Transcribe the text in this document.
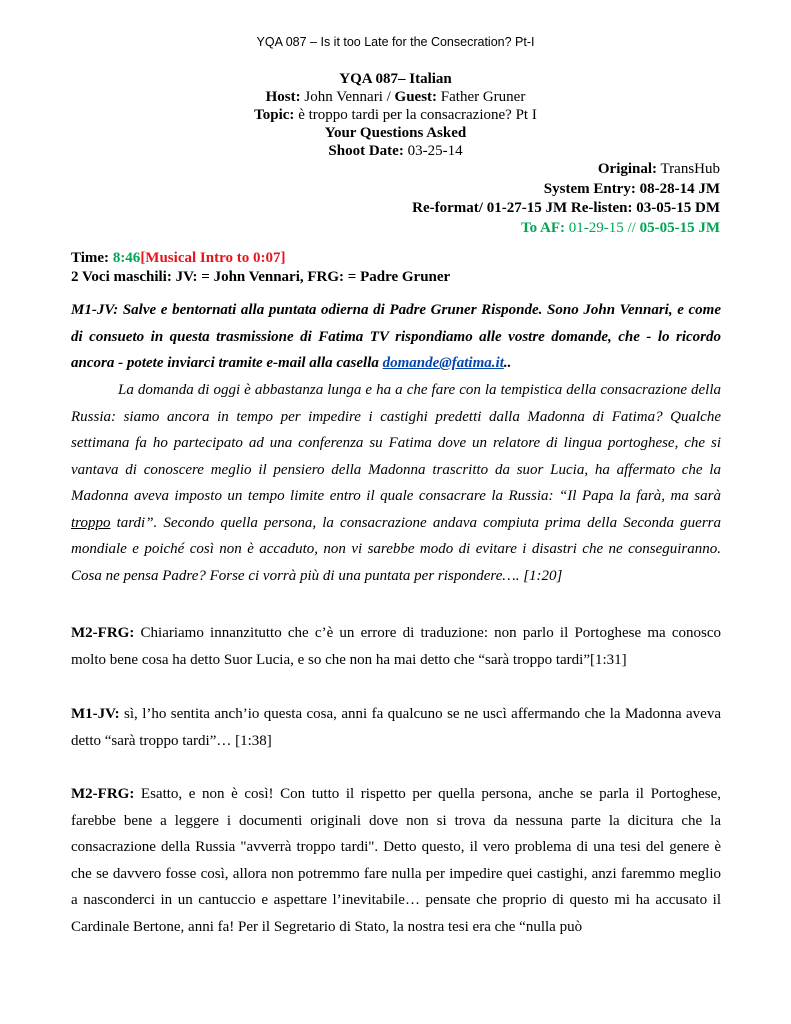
YQA 087 – Is it too Late for the Consecration? Pt-I
YQA 087– Italian
Host: John Vennari / Guest: Father Gruner
Topic: è troppo tardi per la consacrazione? Pt I
Your Questions Asked
Shoot Date: 03-25-14
Original: TransHub
System Entry: 08-28-14 JM
Re-format/ 01-27-15 JM Re-listen: 03-05-15 DM
To AF: 01-29-15 // 05-05-15 JM
Time: 8:46[Musical Intro to 0:07]
2 Voci maschili: JV: = John Vennari, FRG: = Padre Gruner

M1-JV: Salve e bentornati alla puntata odierna di Padre Gruner Risponde. Sono John Vennari, e come di consueto in questa trasmissione di Fatima TV rispondiamo alle vostre domande, che - lo ricordo ancora - potete inviarci tramite e-mail alla casella domande@fatima.it..

La domanda di oggi è abbastanza lunga e ha a che fare con la tempistica della consacrazione della Russia: siamo ancora in tempo per impedire i castighi predetti dalla Madonna di Fatima? Qualche settimana fa ho partecipato ad una conferenza su Fatima dove un relatore di lingua portoghese, che si vantava di conoscere meglio il pensiero della Madonna trascritto da suor Lucia, ha affermato che la Madonna aveva imposto un tempo limite entro il quale consacrare la Russia: “Il Papa la farà, ma sarà troppo tardi”. Secondo quella persona, la consacrazione andava compiuta prima della Seconda guerra mondiale e poiché così non è accaduto, non vi sarebbe modo di evitare i disastri che ne conseguiranno. Cosa ne pensa Padre? Forse ci vorrà più di una puntata per rispondere…. [1:20]

M2-FRG: Chiariamo innanzitutto che c’è un errore di traduzione: non parlo il Portoghese ma conosco molto bene cosa ha detto Suor Lucia, e so che non ha mai detto che “sarà troppo tardi”[1:31]

M1-JV: sì, l’ho sentita anch’io questa cosa, anni fa qualcuno se ne uscì affermando che la Madonna aveva detto “sarà troppo tardi”… [1:38]

M2-FRG: Esatto, e non è così! Con tutto il rispetto per quella persona, anche se parla il Portoghese, farebbe bene a leggere i documenti originali dove non si trova da nessuna parte la dicitura che la consacrazione della Russia "avverrà troppo tardi". Detto questo, il vero problema di una tesi del genere è che se davvero fosse così, allora non potremmo fare nulla per impedire quei castighi, anzi faremmo meglio a nasconderci in un cantuccio e aspettare l’inevitabile… pensate che proprio di questo mi ha accusato il Cardinale Bertone, anni fa! Per il Segretario di Stato, la nostra tesi era che “nulla può
